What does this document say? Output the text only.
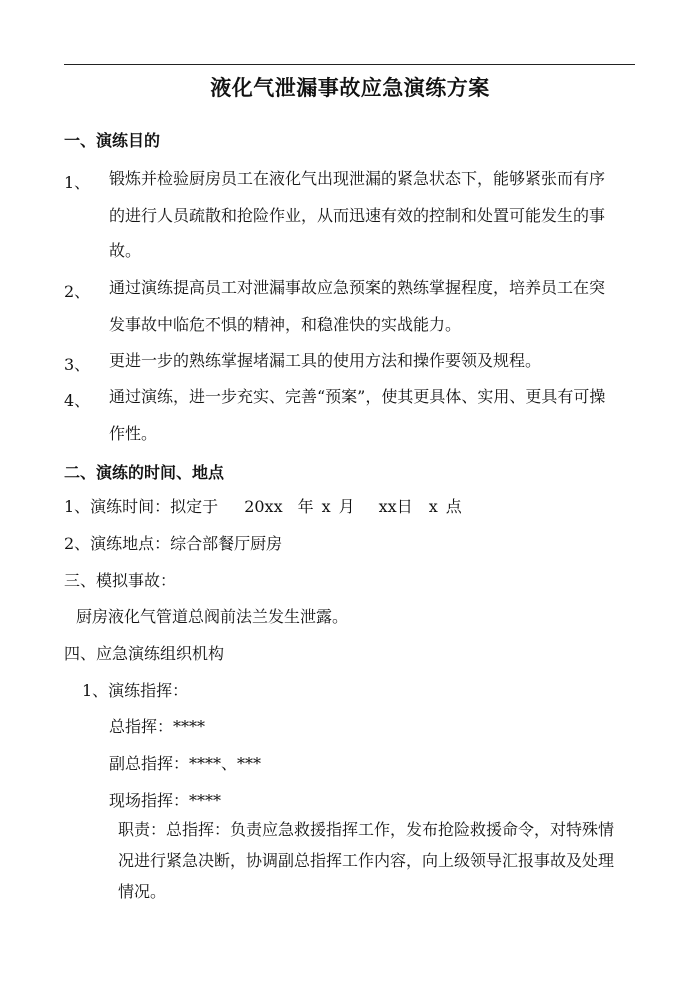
液化气泄漏事故应急演练方案
一、演练目的
1、 锻炼并检验厨房员工在液化气出现泄漏的紧急状态下，能够紧张而有序
的进行人员疏散和抢险作业，从而迅速有效的控制和处置可能发生的事
故。
2、 通过演练提高员工对泄漏事故应急预案的熟练掌握程度，培养员工在突
发事故中临危不惧的精神，和稳准快的实战能力。
3、 更进一步的熟练掌握堵漏工具的使用方法和操作要领及规程。
4、 通过演练，进一步充实、完善“预案”，使其更具体、实用、更具有可操
作性。
二、演练的时间、地点
1、演练时间：拟定于 20xx 年 x 月 xx日 x 点
2、演练地点：综合部餐厅厨房
三、模拟事故：
厨房液化气管道总阀前法兰发生泄露。
四、应急演练组织机构
1、演练指挥：
总指挥：****
副总指挥：****、***
现场指挥：****
职责：总指挥：负责应急救援指挥工作，发布抢险救援命令，对特殊情
况进行紧急决断，协调副总指挥工作内容，向上级领导汇报事故及处理
情况。
